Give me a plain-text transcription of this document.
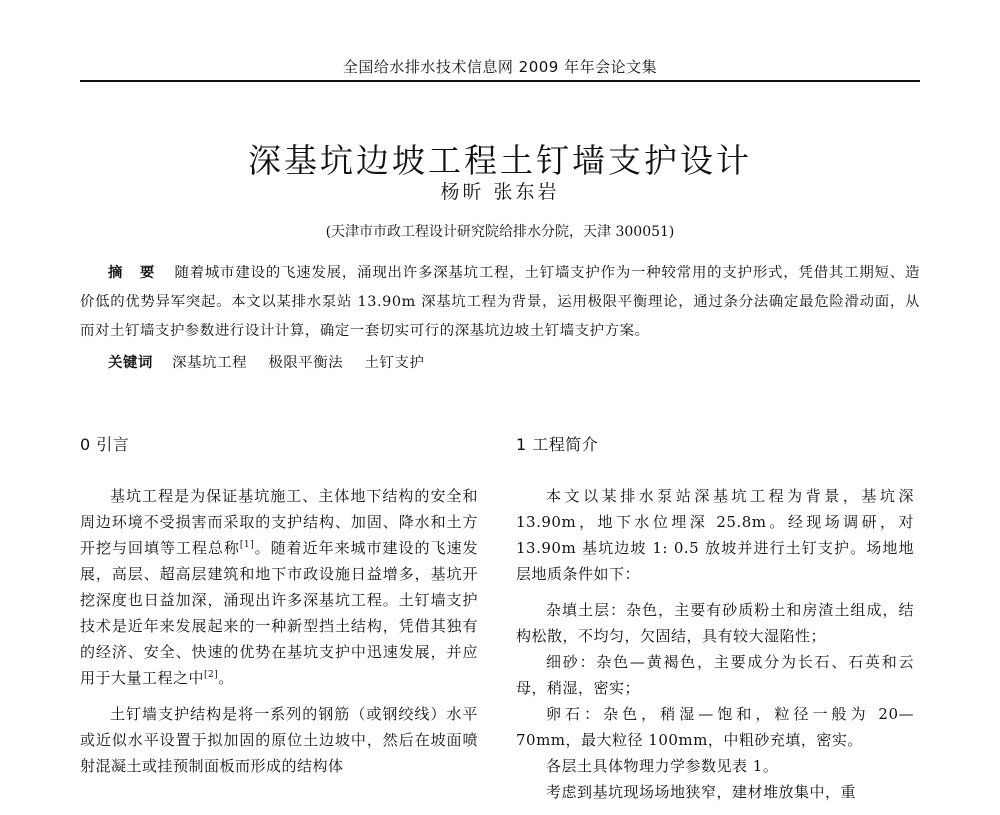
全国给水排水技术信息网 2009 年年会论文集
深基坑边坡工程土钉墙支护设计
杨昕 张东岩
(天津市市政工程设计研究院给排水分院，天津 300051)

摘 要 随着城市建设的飞速发展，涌现出许多深基坑工程，土钉墙支护作为一种较常用的支护形式，凭借其工期短、造价低的优势异军突起。本文以某排水泵站 13.90m 深基坑工程为背景，运用极限平衡理论，通过条分法确定最危险滑动面，从而对土钉墙支护参数进行设计计算，确定一套切实可行的深基坑边坡土钉墙支护方案。

关键词 深基坑工程 极限平衡法 土钉支护
0 引言

基坑工程是为保证基坑施工、主体地下结构的安全和周边环境不受损害而采取的支护结构、加固、降水和土方开挖与回填等工程总称[1]。随着近年来城市建设的飞速发展，高层、超高层建筑和地下市政设施日益增多，基坑开挖深度也日益加深，涌现出许多深基坑工程。土钉墙支护技术是近年来发展起来的一种新型挡土结构，凭借其独有的经济、安全、快速的优势在基坑支护中迅速发展，并应用于大量工程之中[2]。

土钉墙支护结构是将一系列的钢筋（或钢绞线）水平或近似水平设置于拟加固的原位土边坡中，然后在坡面喷射混凝土或挂预制面板而形成的结构体

1 工程简介

本文以某排水泵站深基坑工程为背景，基坑深13.90m，地下水位埋深 25.8m。经现场调研，对13.90m 基坑边坡 1: 0.5 放坡并进行土钉支护。场地地层地质条件如下：

杂填土层：杂色，主要有砂质粉土和房渣土组成，结构松散，不均匀，欠固结，具有较大湿陷性；

细砂：杂色—黄褐色，主要成分为长石、石英和云母，稍湿，密实；

卵石：杂色，稍湿—饱和，粒径一般为 20—70mm，最大粒径 100mm，中粗砂充填，密实。

各层土具体物理力学参数见表 1。

考虑到基坑现场场地狭窄，建材堆放集中，重
